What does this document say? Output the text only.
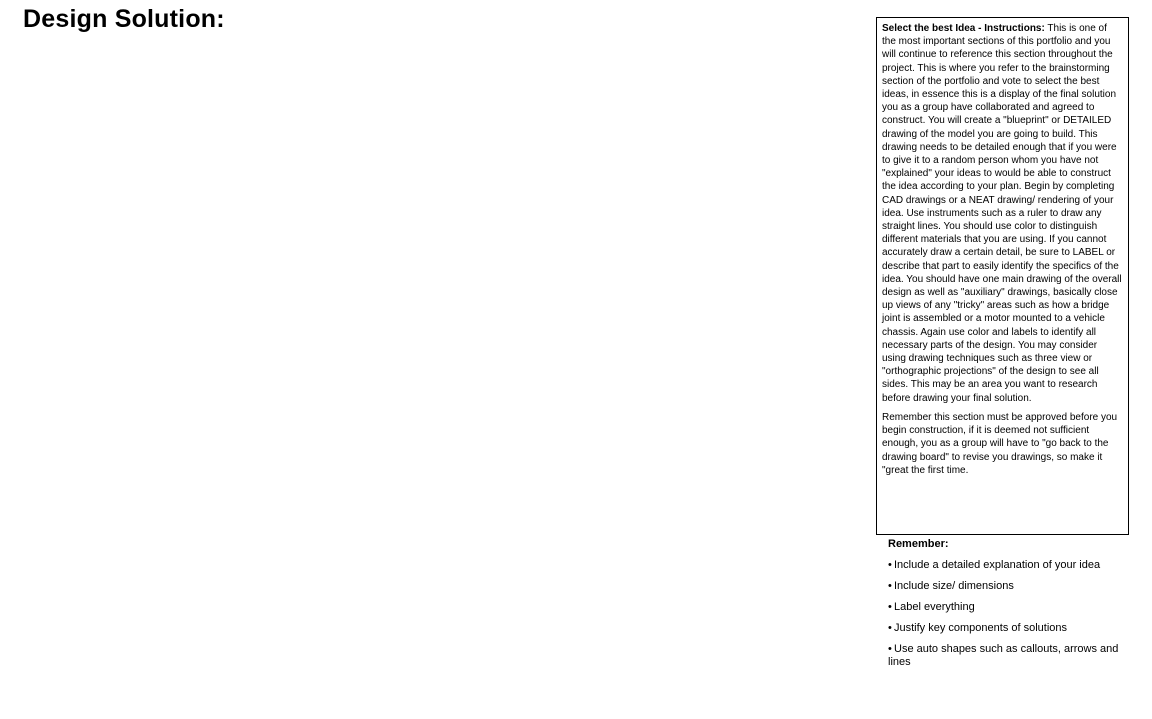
Design Solution:	Select the best Idea - Instructions: This is one of the most important sections of this portfolio and you will continue to reference this section throughout the project. This is where you refer to the brainstorming section of the portfolio and vote to select the best ideas, in essence this is a display of the final solution you as a group have collaborated and agreed to construct. You will create a "blueprint" or DETAILED drawing of the model you are going to build. This drawing needs to be detailed enough that if you were to give it to a random person whom you have not "explained" your ideas to would be able to construct the idea according to your plan. Begin by completing CAD drawings or a NEAT drawing/ rendering of your idea. Use instruments such as a ruler to draw any straight lines. You should use color to distinguish different materials that you are using. If you cannot accurately draw a certain detail, be sure to LABEL or describe that part to easily identify the specifics of the idea. You should have one main drawing of the overall design as well as "auxiliary" drawings, basically close up views of any "tricky" areas such as how a bridge joint is assembled or a motor mounted to a vehicle chassis. Again use color and labels to identify all necessary parts of the design. You may consider using drawing techniques such as three view or "orthographic projections" of the design to see all sides. This may be an area you want to research before drawing your final solution.

Remember this section must be approved before you begin construction, if it is deemed not sufficient enough, you as a group will have to "go back to the drawing board" to revise you drawings, so make it "great the first time.

Remember:
• Include a detailed explanation of your idea
• Include size/ dimensions
• Label everything
• Justify key components of solutions
• Use auto shapes such as callouts, arrows and lines
